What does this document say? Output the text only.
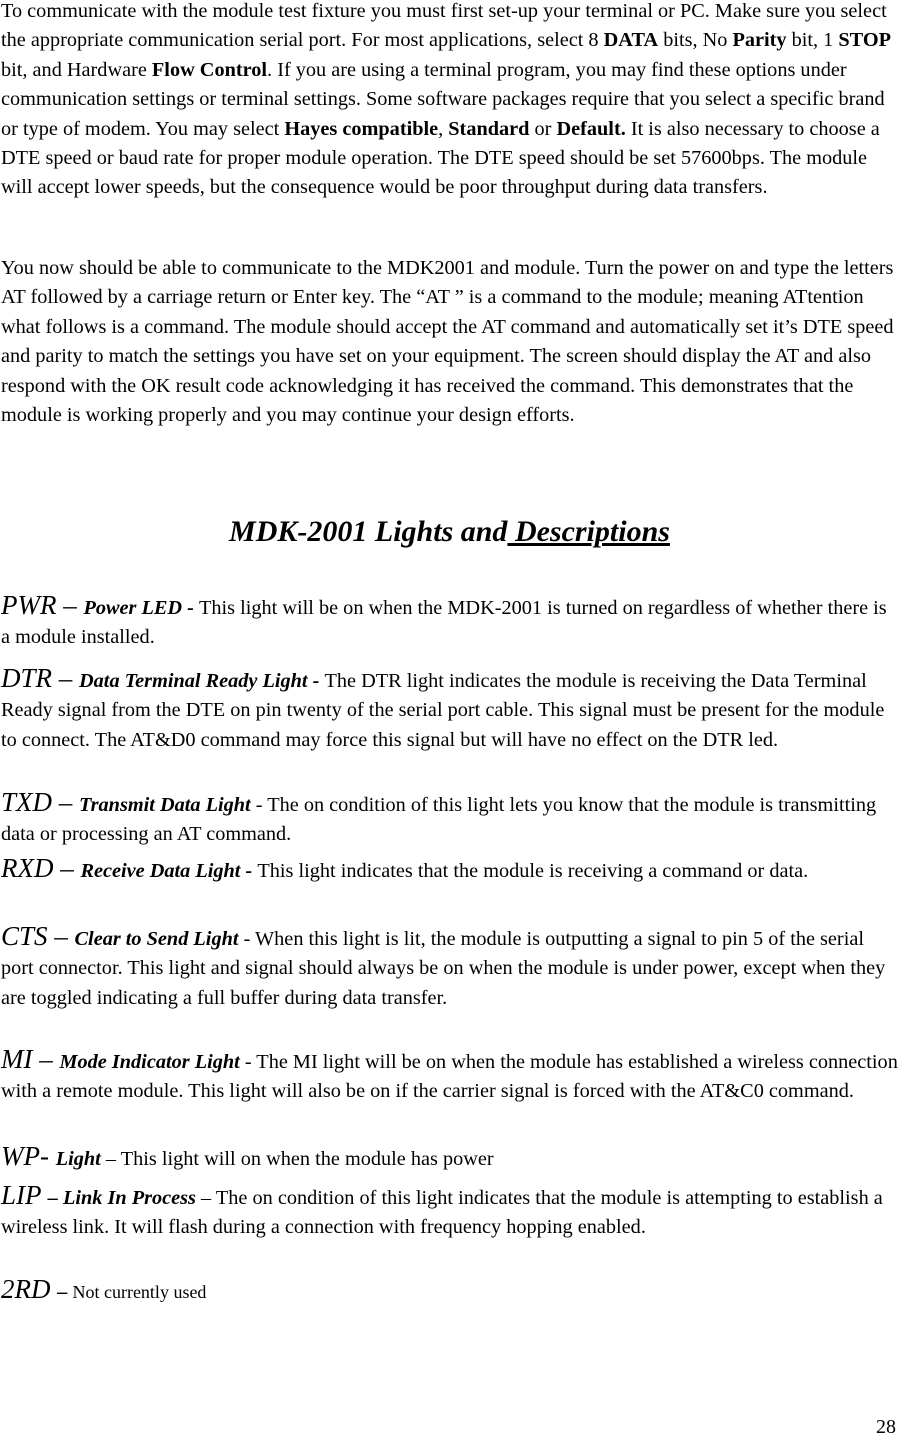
To communicate with the module test fixture you must first set-up your terminal or PC. Make sure you select the appropriate communication serial port. For most applications, select 8 DATA bits, No Parity bit, 1 STOP bit, and Hardware Flow Control. If you are using a terminal program, you may find these options under communication settings or terminal settings. Some software packages require that you select a specific brand or type of modem. You may select Hayes compatible, Standard or Default. It is also necessary to choose a DTE speed or baud rate for proper module operation. The DTE speed should be set 57600bps. The module will accept lower speeds, but the consequence would be poor throughput during data transfers.

You now should be able to communicate to the MDK2001 and module. Turn the power on and type the letters AT followed by a carriage return or Enter key. The “AT ” is a command to the module; meaning ATtention what follows is a command. The module should accept the AT command and automatically set it’s DTE speed and parity to match the settings you have set on your equipment. The screen should display the AT and also respond with the OK result code acknowledging it has received the command. This demonstrates that the module is working properly and you may continue your design efforts.

MDK-2001 Lights and Descriptions

PWR – Power LED - This light will be on when the MDK-2001 is turned on regardless of whether there is a module installed.

DTR – Data Terminal Ready Light - The DTR light indicates the module is receiving the Data Terminal Ready signal from the DTE on pin twenty of the serial port cable. This signal must be present for the module to connect. The AT&D0 command may force this signal but will have no effect on the DTR led.

TXD – Transmit Data Light - The on condition of this light lets you know that the module is transmitting data or processing an AT command.

RXD – Receive Data Light - This light indicates that the module is receiving a command or data.

CTS – Clear to Send Light - When this light is lit, the module is outputting a signal to pin 5 of the serial port connector. This light and signal should always be on when the module is under power, except when they are toggled indicating a full buffer during data transfer.

MI – Mode Indicator Light - The MI light will be on when the module has established a wireless connection with a remote module. This light will also be on if the carrier signal is forced with the AT&C0 command.

WP- Light – This light will on when the module has power

LIP – Link In Process – The on condition of this light indicates that the module is attempting to establish a wireless link. It will flash during a connection with frequency hopping enabled.

2RD – Not currently used

28
